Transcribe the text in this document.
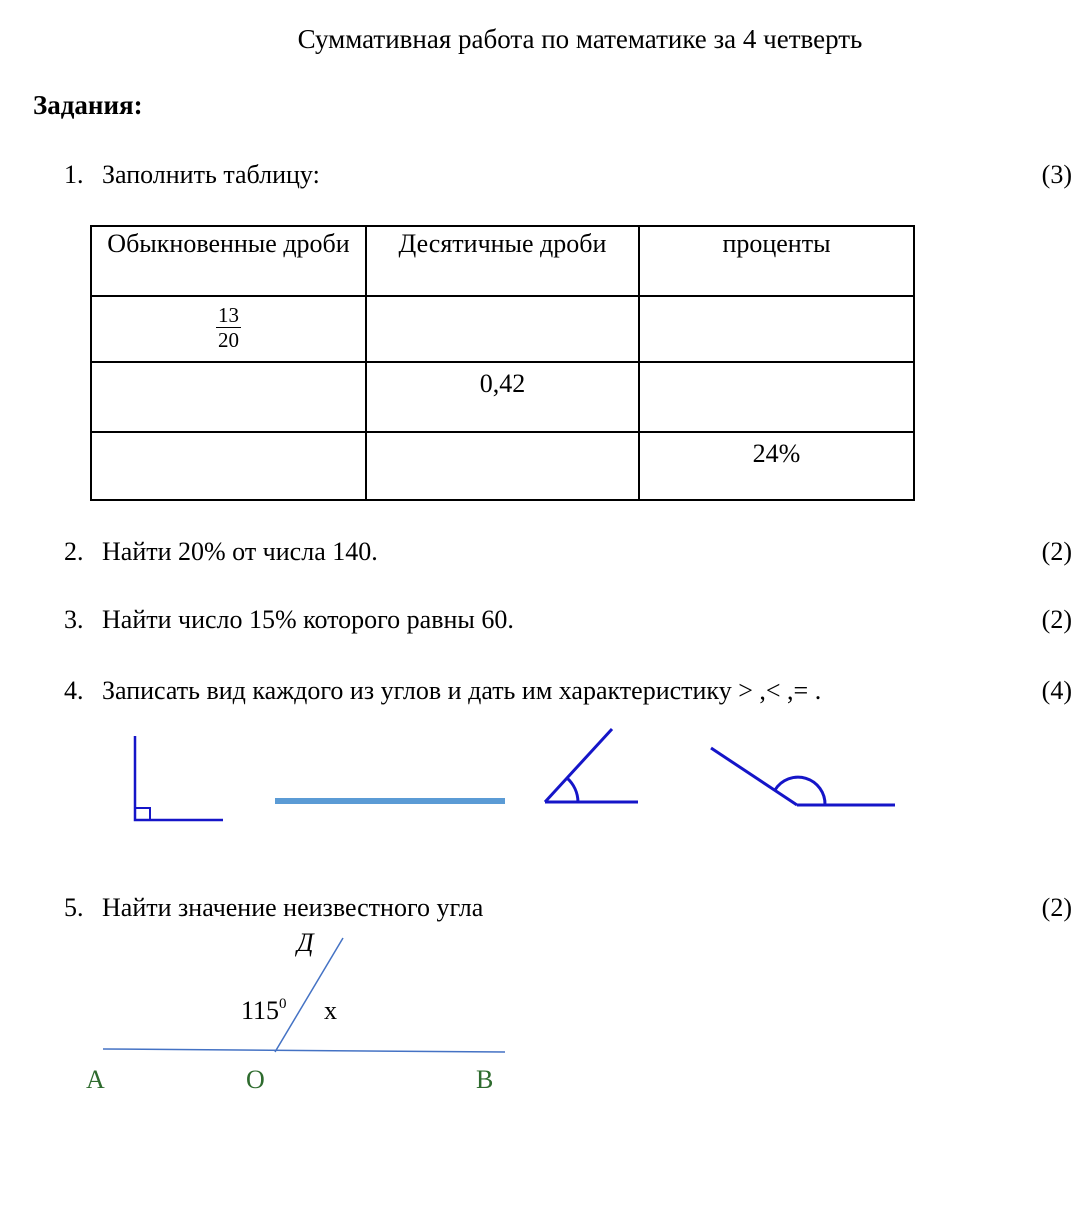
Суммативная работа по математике за 4 четверть
Задания:
1. Заполнить таблицу:	(3)
Обыкновенные дроби	Десятичные дроби	проценты

$\frac{13}{20}$

	0,42	
		24%
2. Найти 20% от числа 140.	(2)
3. Найти число 15% которого равны 60.	(2)
4. Записать вид каждого из углов и дать им характеристику > ,< ,= .	(4)
Д
$115^0$ x
A	O	B
5. Найти значение неизвестного угла	(2)
